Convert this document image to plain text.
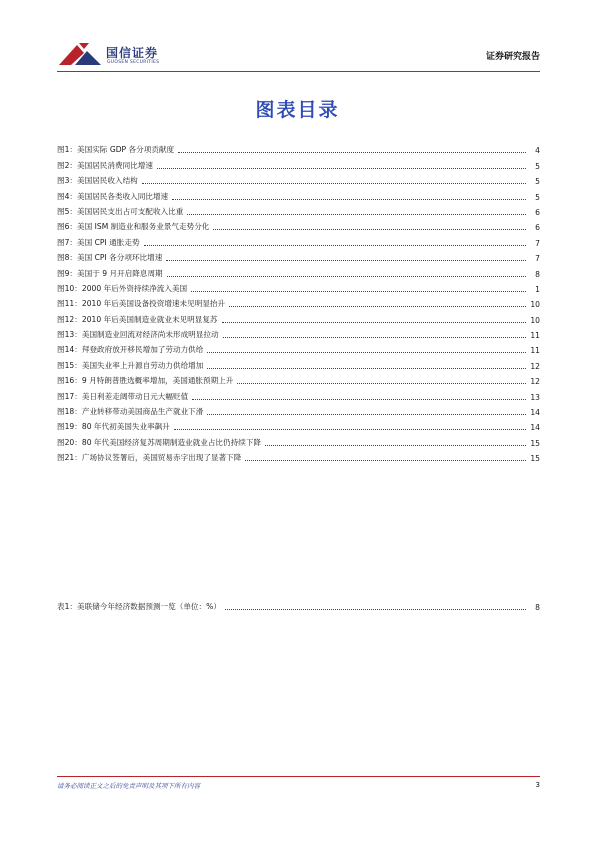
国信证券
GUOSEN SECURITIES
证券研究报告
图表目录
图1： 美国实际 GDP 各分项贡献度	4
图2： 美国居民消费同比增速	5
图3： 美国居民收入结构	5
图4： 美国居民各类收入同比增速	5
图5： 美国居民支出占可支配收入比重	6
图6： 美国 ISM 制造业和服务业景气走势分化	6
图7： 美国 CPI 通胀走势	7
图8： 美国 CPI 各分项环比增速	7
图9： 美国于 9 月开启降息周期	8
图10： 2000 年后外资持续净流入美国	1
图11： 2010 年后美国设备投资增速未见明显抬升	10
图12： 2010 年后美国制造业就业未见明显复苏	10
图13： 美国制造业回流对经济尚未形成明显拉动	11
图14： 拜登政府放开移民增加了劳动力供给	11
图15： 美国失业率上升源自劳动力供给增加	12
图16： 9 月特朗普胜选概率增加，美国通胀预期上升	12
图17： 美日利差走阔带动日元大幅贬值	13
图18： 产业转移带动美国商品生产就业下滑	14
图19： 80 年代初美国失业率飙升	14
图20： 80 年代美国经济复苏周期制造业就业占比仍持续下降	15
图21： 广场协议签署后，美国贸易赤字出现了显著下降	15
表1： 美联储今年经济数据预测一览（单位：%）	8
请务必阅读正文之后的免责声明及其项下所有内容	3
